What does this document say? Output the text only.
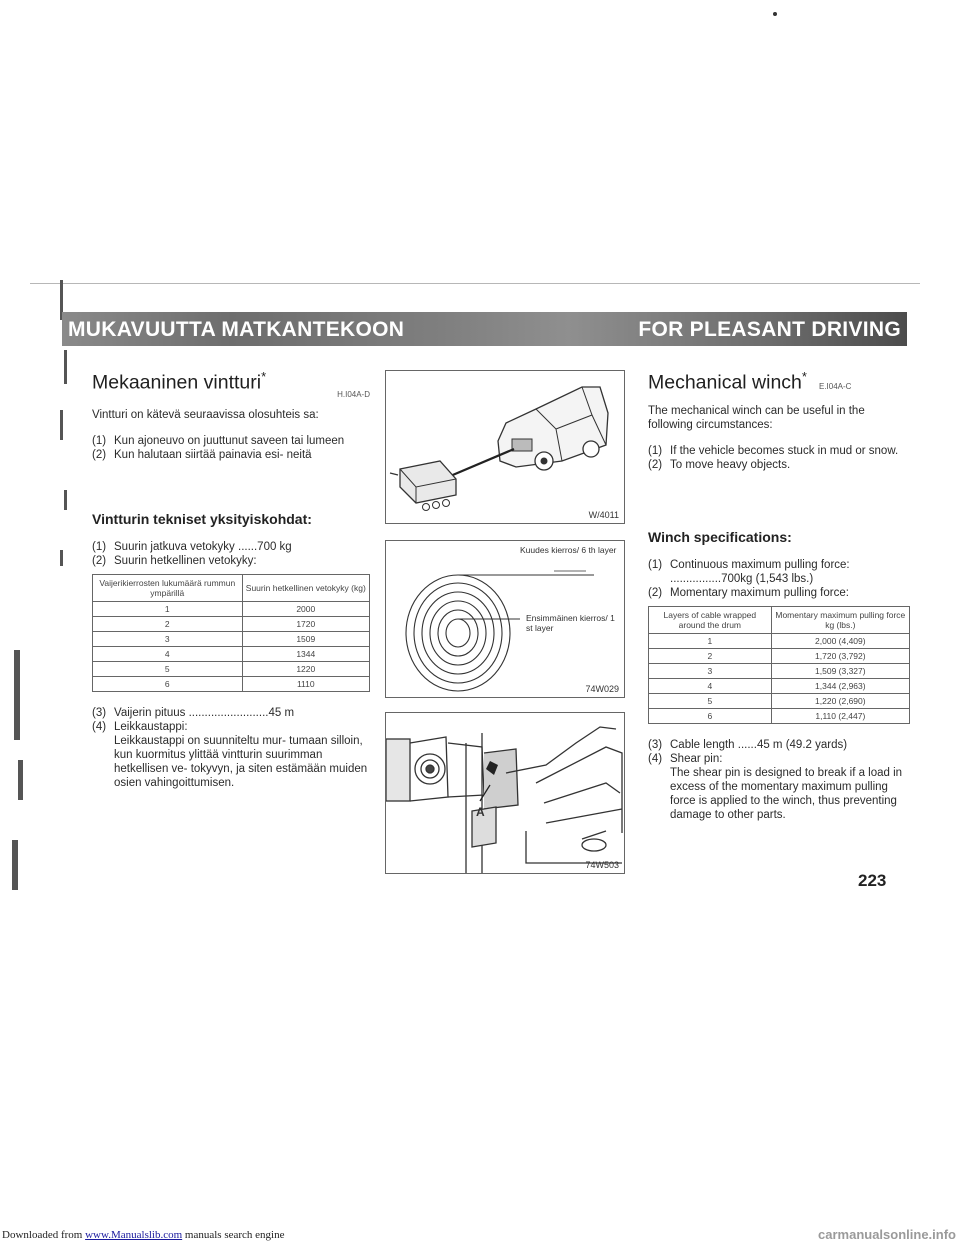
MUKAVUUTTA MATKANTEKOON	FOR PLEASANT DRIVING
Mekaaninen vintturi*
H.I04A-D

Vintturi on kätevä seuraavissa olosuhteis sa:

(1) Kun ajoneuvo on juuttunut saveen tai lumeen
(2) Kun halutaan siirtää painavia esi- neitä
Vintturin tekniset yksityiskohdat:
(1) Suurin jatkuva vetokyky ......700 kg
(2) Suurin hetkellinen vetokyky:
Vaijerikierrosten lukumäärä rummun ympärillä	Suurin hetkellinen vetokyky (kg)
1	2000
2	1720
3	1509
4	1344
5	1220
6	1110
(3) Vaijerin pituus .........................45 m
(4) Leikkaustappi:
Leikkaustappi on suunniteltu mur- tumaan silloin, kun kuormitus ylittää vintturin suurimman hetkellisen ve- tokyvyn, ja siten estämään muiden osien vahingoittumisen.
W/4011
Kuudes kierros/ 6 th layer
Ensimmäinen kierros/ 1 st layer
74W029
A
74W503
Mechanical winch*E.I04A-C

The mechanical winch can be useful in the following circumstances:

(1) If the vehicle becomes stuck in mud or snow.
(2) To move heavy objects.
Winch specifications:
(1) Continuous maximum pulling force: ................700kg (1,543 lbs.)
(2) Momentary maximum pulling force:
Layers of cable wrapped around the drum	Momentary maximum pulling force kg (lbs.)
1	2,000 (4,409)
2	1,720 (3,792)
3	1,509 (3,327)
4	1,344 (2,963)
5	1,220 (2,690)
6	1,110 (2,447)
(3) Cable length ......45 m (49.2 yards)
(4) Shear pin:
The shear pin is designed to break if a load in excess of the momentary maximum pulling force is applied to the winch, thus preventing damage to other parts.
223
Downloaded from www.Manualslib.com manuals search engine	carmanualsonline.info
